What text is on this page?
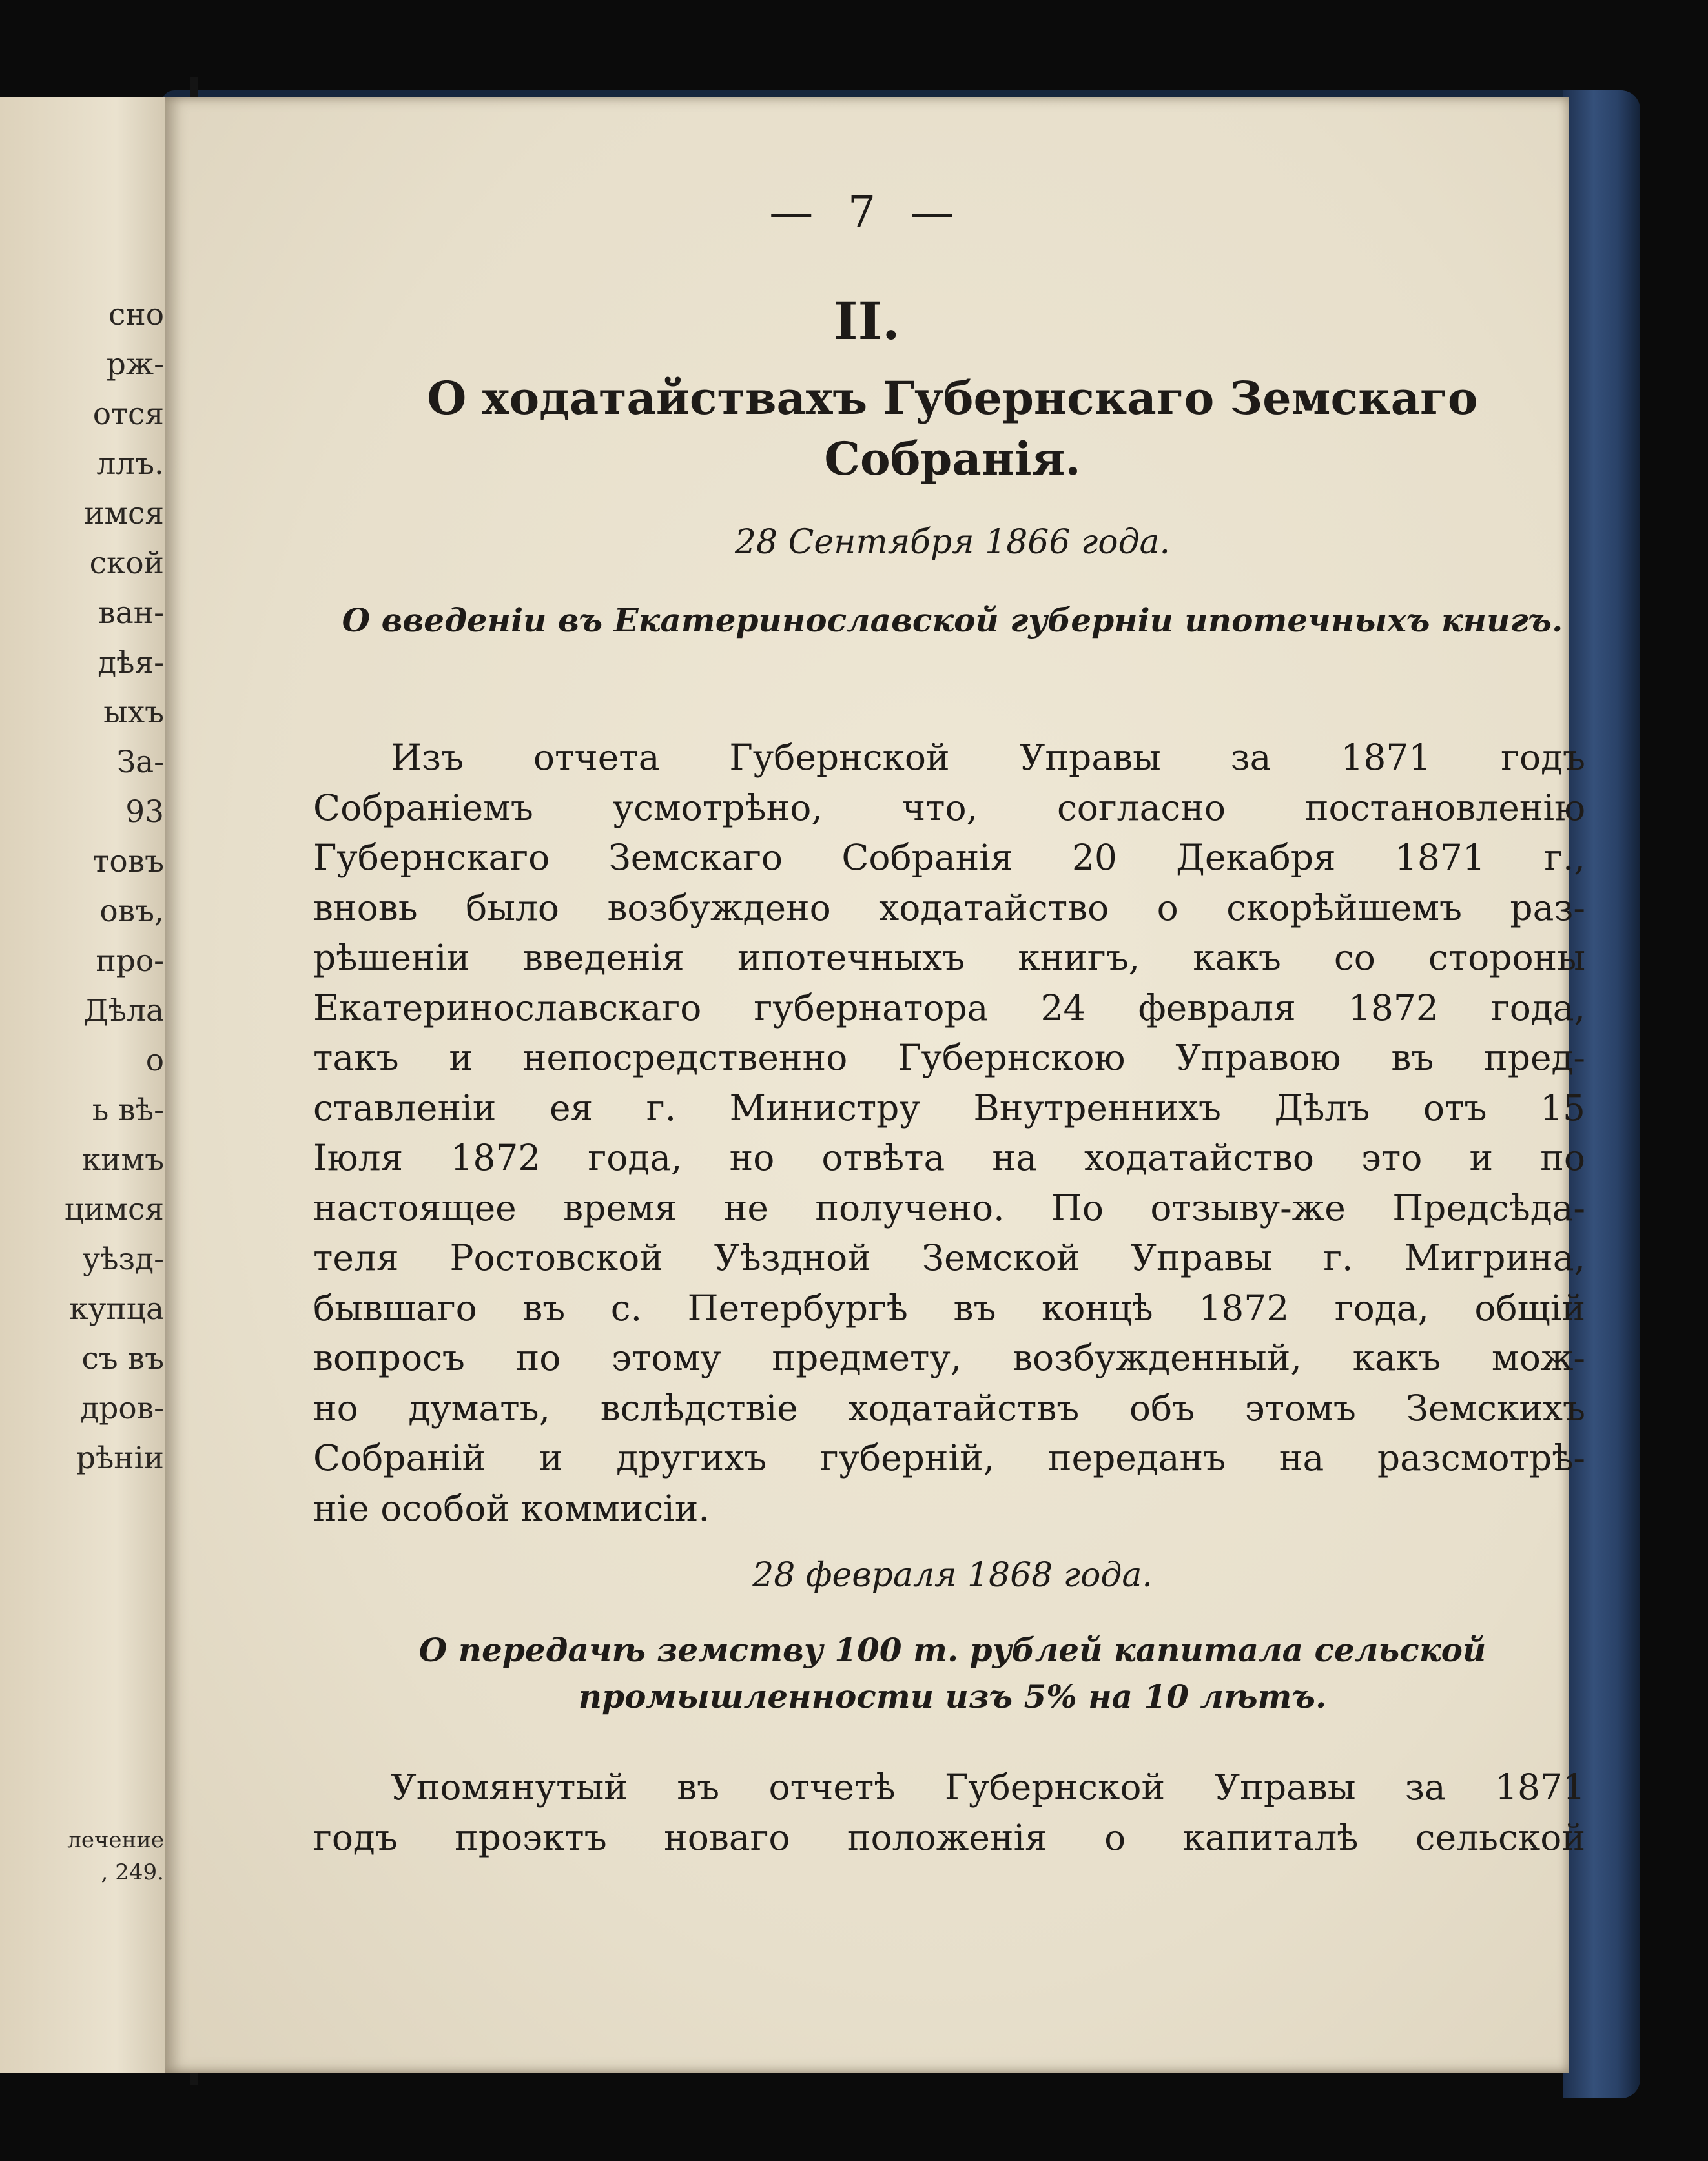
сно
рж-
отся
ллъ.
имся
ской
ван-
дѣя-
ыхъ
За-
93
товъ
овъ,
про-
Дѣла
о
ь вѣ-
кимъ
цимся
уѣзд-
купца
съ въ
дров-
рѣніи
лечение
, 249.
— 7 —
II.
О ходатайствахъ Губернскаго Земскаго Собранія.
28 Сентября 1866 года.
О введеніи въ Екатеринославской губерніи ипотечныхъ книгъ.
Изъ отчета Губернской Управы за 1871 годъ
Собраніемъ усмотрѣно, что, согласно постановленію
Губернскаго Земскаго Собранія 20 Декабря 1871 г.,
вновь было возбуждено ходатайство о скорѣйшемъ раз-
рѣшеніи введенія ипотечныхъ книгъ, какъ со стороны
Екатеринославскаго губернатора 24 февраля 1872 года,
такъ и непосредственно Губернскою Управою въ пред-
ставленіи ея г. Министру Внутреннихъ Дѣлъ отъ 15
Іюля 1872 года, но отвѣта на ходатайство это и по
настоящее время не получено. По отзыву-же Предсѣда-
теля Ростовской Уѣздной Земской Управы г. Мигрина,
бывшаго въ с. Петербургѣ въ концѣ 1872 года, общій
вопросъ по этому предмету, возбужденный, какъ мож-
но думать, вслѣдствіе ходатайствъ объ этомъ Земскихъ
Собраній и другихъ губерній, переданъ на разсмотрѣ-
ніе особой коммисіи.
28 февраля 1868 года.
О передачѣ земству 100 т. рублей капитала сельской промышленности изъ 5% на 10 лѣтъ.
Упомянутый въ отчетѣ Губернской Управы за 1871
годъ проэктъ новаго положенія о капиталѣ сельской
